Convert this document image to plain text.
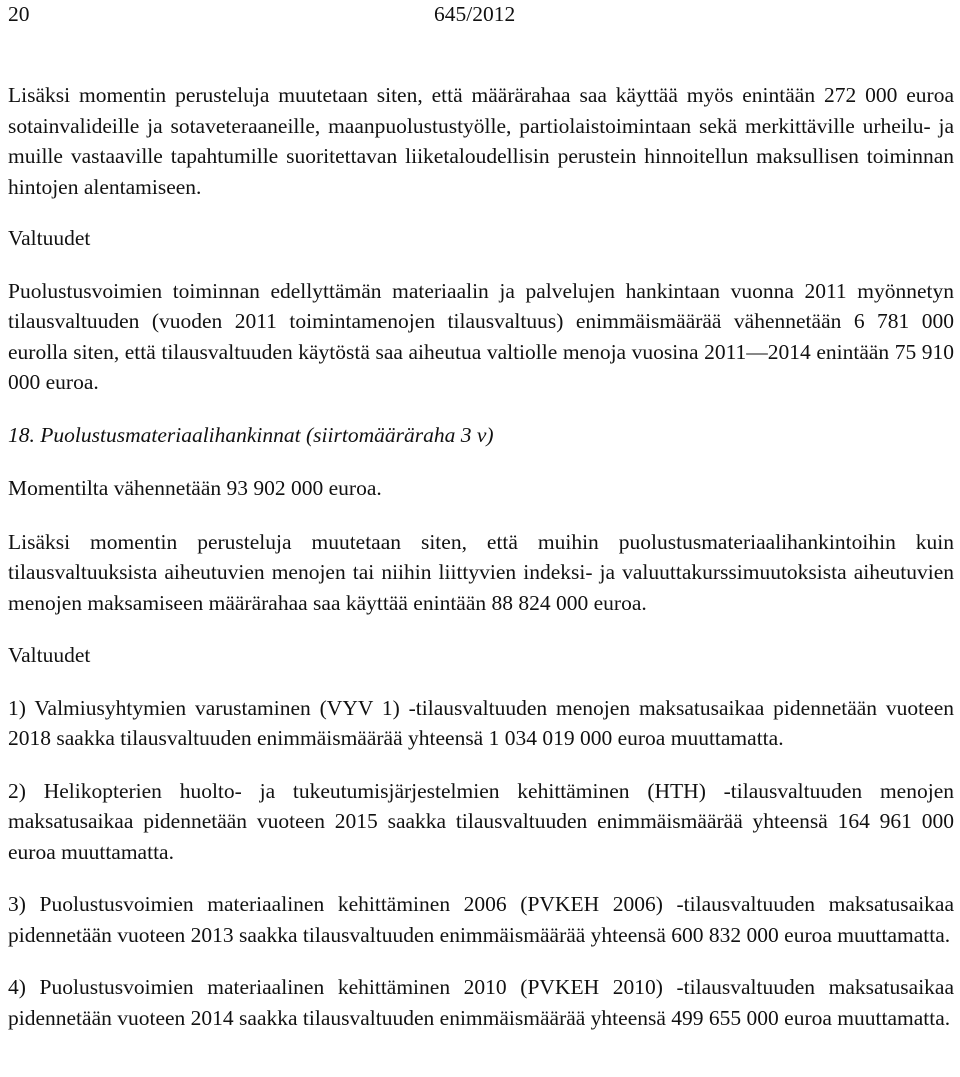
20	645/2012

Lisäksi momentin perusteluja muutetaan siten, että määrärahaa saa käyttää myös enintään 272 000 euroa sotainvalideille ja sotaveteraaneille, maanpuolustustyölle, partiolaistoimintaan sekä merkittäville urheilu- ja muille vastaaville tapahtumille suoritettavan liiketaloudellisin perustein hinnoitellun maksullisen toiminnan hintojen alentamiseen.

Valtuudet

Puolustusvoimien toiminnan edellyttämän materiaalin ja palvelujen hankintaan vuonna 2011 myönnetyn tilausvaltuuden (vuoden 2011 toimintamenojen tilausvaltuus) enimmäismäärää vähennetään 6 781 000 eurolla siten, että tilausvaltuuden käytöstä saa aiheutua valtiolle menoja vuosina 2011—2014 enintään 75 910 000 euroa.

18. Puolustusmateriaalihankinnat (siirtomääräraha 3 v)

Momentilta vähennetään 93 902 000 euroa.

Lisäksi momentin perusteluja muutetaan siten, että muihin puolustusmateriaalihankintoihin kuin tilausvaltuuksista aiheutuvien menojen tai niihin liittyvien indeksi- ja valuuttakurssimuutoksista aiheutuvien menojen maksamiseen määrärahaa saa käyttää enintään 88 824 000 euroa.

Valtuudet

1) Valmiusyhtymien varustaminen (VYV 1) -tilausvaltuuden menojen maksatusaikaa pidennetään vuoteen 2018 saakka tilausvaltuuden enimmäismäärää yhteensä 1 034 019 000 euroa muuttamatta.

2) Helikopterien huolto- ja tukeutumisjärjestelmien kehittäminen (HTH) -tilausvaltuuden menojen maksatusaikaa pidennetään vuoteen 2015 saakka tilausvaltuuden enimmäismäärää yhteensä 164 961 000 euroa muuttamatta.

3) Puolustusvoimien materiaalinen kehittäminen 2006 (PVKEH 2006) -tilausvaltuuden maksatusaikaa pidennetään vuoteen 2013 saakka tilausvaltuuden enimmäismäärää yhteensä 600 832 000 euroa muuttamatta.

4) Puolustusvoimien materiaalinen kehittäminen 2010 (PVKEH 2010) -tilausvaltuuden maksatusaikaa pidennetään vuoteen 2014 saakka tilausvaltuuden enimmäismäärää yhteensä 499 655 000 euroa muuttamatta.
